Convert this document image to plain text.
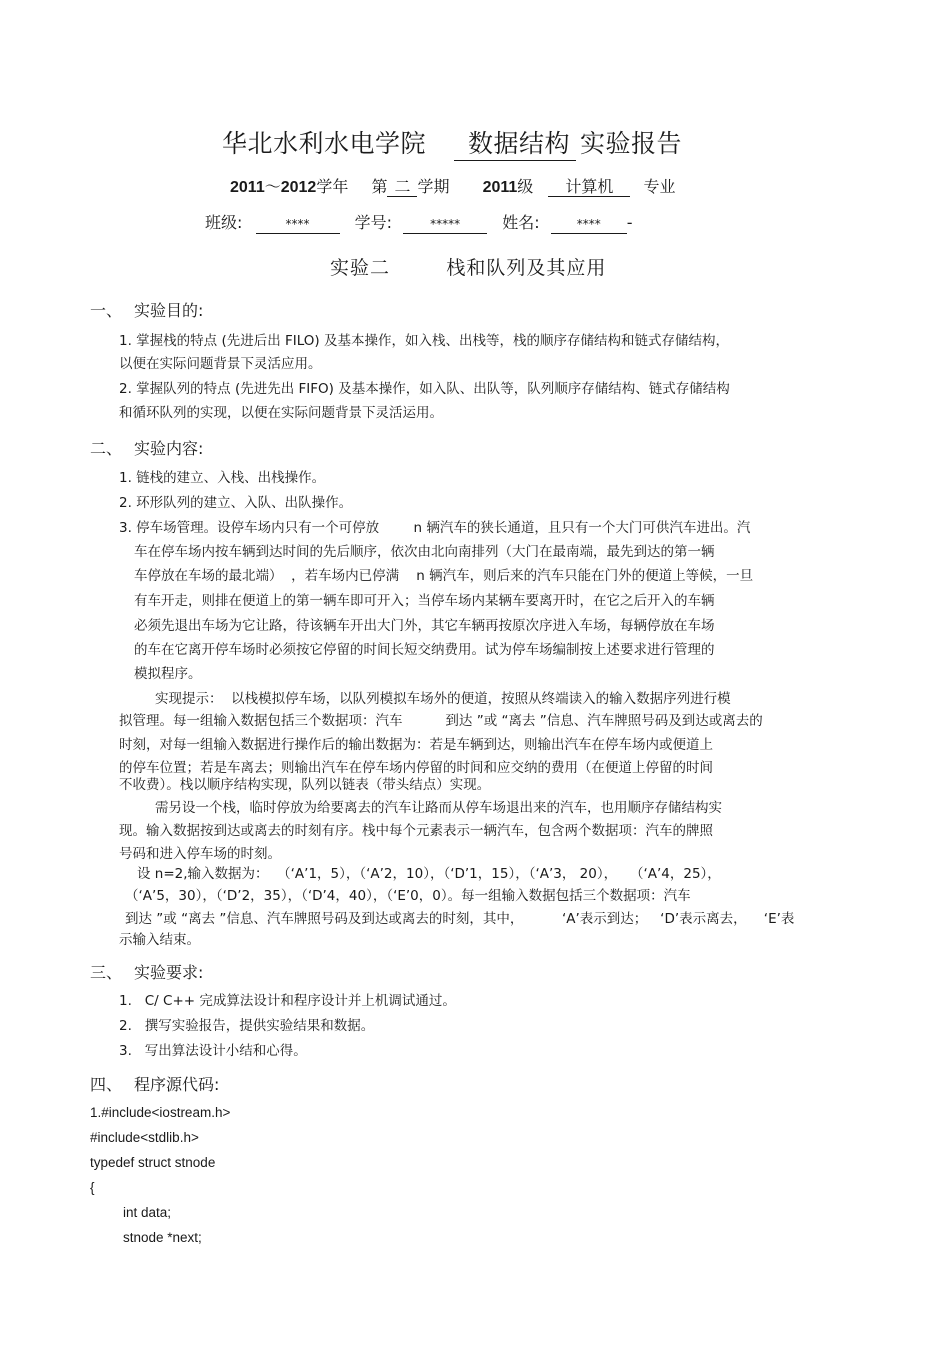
华北水利水电学院 数据结构 实验报告
2011～2012学年 第 二 学期 2011级 计算机 专业
班级:	****	学号:	*****	姓名:	**** -
实验二        栈和队列及其应用
一、 实验目的:
1. 掌握栈的特点 (先进后出 FILO) 及基本操作，如入栈、出栈等，栈的顺序存储结构和链式存储结构，
以便在实际问题背景下灵活应用。
2. 掌握队列的特点 (先进先出 FIFO) 及基本操作，如入队、出队等，队列顺序存储结构、链式存储结构
和循环队列的实现，以便在实际问题背景下灵活运用。
二、 实验内容:
1. 链栈的建立、入栈、出栈操作。
2. 环形队列的建立、入队、出队操作。
3. 停车场管理。设停车场内只有一个可停放        n 辆汽车的狭长通道，且只有一个大门可供汽车进出。汽
车在停车场内按车辆到达时间的先后顺序，依次由北向南排列（大门在最南端，最先到达的第一辆
车停放在车场的最北端）  ，若车场内已停满    n 辆汽车，则后来的汽车只能在门外的便道上等候，一旦
有车开走，则排在便道上的第一辆车即可开入；当停车场内某辆车要离开时，在它之后开入的车辆
必须先退出车场为它让路，待该辆车开出大门外，其它车辆再按原次序进入车场，每辆停放在车场
的车在它离开停车场时必须按它停留的时间长短交纳费用。试为停车场编制按上述要求进行管理的
模拟程序。
实现提示：  以栈模拟停车场，以队列模拟车场外的便道，按照从终端读入的输入数据序列进行模
拟管理。每一组输入数据包括三个数据项：汽车          到达 ”或 “离去 ”信息、汽车牌照号码及到达或离去的
时刻，对每一组输入数据进行操作后的输出数据为：若是车辆到达，则输出汽车在停车场内或便道上
的停车位置；若是车离去；则输出汽车在停车场内停留的时间和应交纳的费用（在便道上停留的时间
不收费）。栈以顺序结构实现，队列以链表（带头结点）实现。
需另设一个栈，临时停放为给要离去的汽车让路而从停车场退出来的汽车，也用顺序存储结构实
现。输入数据按到达或离去的时刻有序。栈中每个元素表示一辆汽车，包含两个数据项：汽车的牌照
号码和进入停车场的时刻。
设 n=2,输入数据为：  （‘A’1，5），（‘A’2，10），（‘D’1，15），（‘A’3， 20），   （‘A’4，25），
（‘A’5，30），（‘D’2，35），（‘D’4，40），（‘E’0，0）。每一组输入数据包括三个数据项：汽车
到达 ”或 “离去 ”信息、汽车牌照号码及到达或离去的时刻，其中，         ‘A’表示到达；   ‘D’表示离去，    ‘E’表
示输入结束。
三、 实验要求:
1.   C/ C++ 完成算法设计和程序设计并上机调试通过。
2.   撰写实验报告，提供实验结果和数据。
3.   写出算法设计小结和心得。
四、 程序源代码:
1.#include<iostream.h>
#include<stdlib.h>
typedef struct stnode
{
int data;
stnode *next;
